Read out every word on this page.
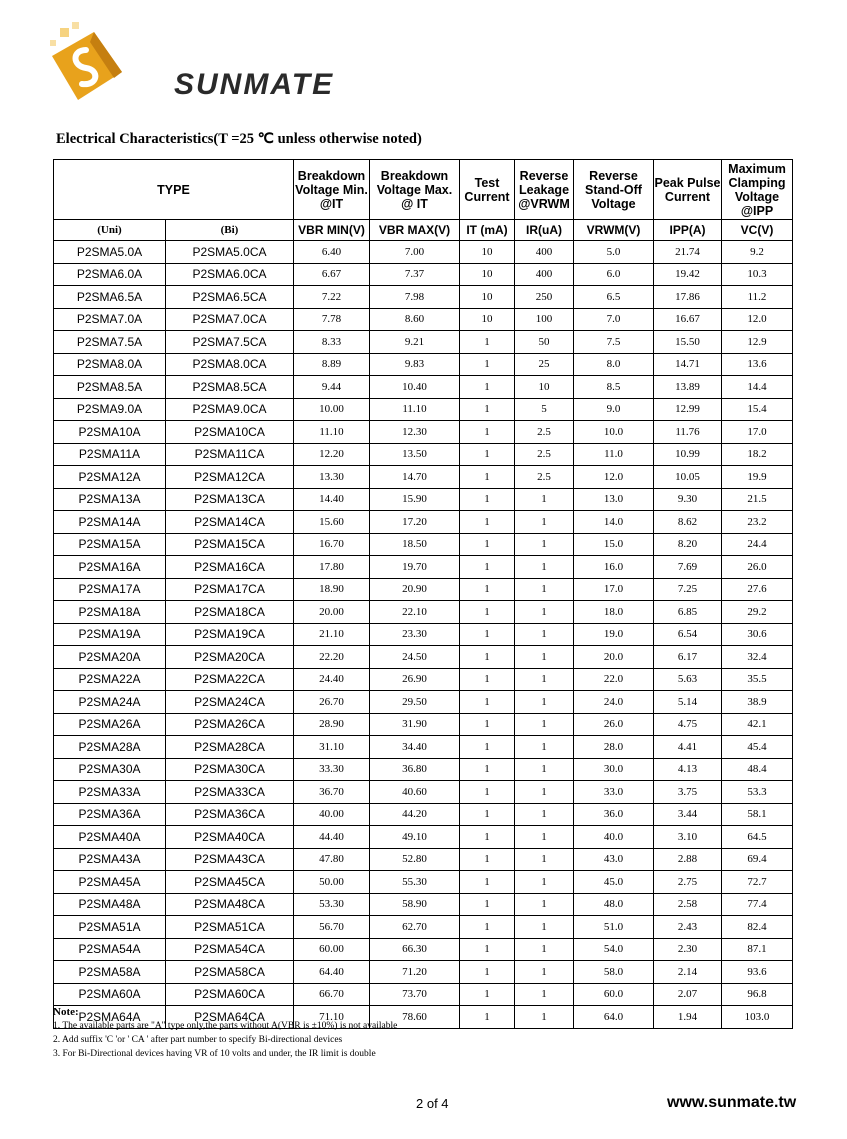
SUNMATE
Electrical Characteristics(T =25 ℃ unless otherwise noted)
TYPE		Breakdown Voltage Min. @IT	Breakdown Voltage Max. @ IT	Test Current	Reverse Leakage @VRWM	Reverse Stand-Off Voltage	Peak Pulse Current	Maximum Clamping Voltage @IPP
(Uni)	(Bi)	VBR MIN(V)	VBR MAX(V)	IT (mA)	IR(uA)	VRWM(V)	IPP(A)	VC(V)
P2SMA5.0A	P2SMA5.0CA	6.40	7.00	10	400	5.0	21.74	9.2
P2SMA6.0A	P2SMA6.0CA	6.67	7.37	10	400	6.0	19.42	10.3
P2SMA6.5A	P2SMA6.5CA	7.22	7.98	10	250	6.5	17.86	11.2
P2SMA7.0A	P2SMA7.0CA	7.78	8.60	10	100	7.0	16.67	12.0
P2SMA7.5A	P2SMA7.5CA	8.33	9.21	1	50	7.5	15.50	12.9
P2SMA8.0A	P2SMA8.0CA	8.89	9.83	1	25	8.0	14.71	13.6
P2SMA8.5A	P2SMA8.5CA	9.44	10.40	1	10	8.5	13.89	14.4
P2SMA9.0A	P2SMA9.0CA	10.00	11.10	1	5	9.0	12.99	15.4
P2SMA10A	P2SMA10CA	11.10	12.30	1	2.5	10.0	11.76	17.0
P2SMA11A	P2SMA11CA	12.20	13.50	1	2.5	11.0	10.99	18.2
P2SMA12A	P2SMA12CA	13.30	14.70	1	2.5	12.0	10.05	19.9
P2SMA13A	P2SMA13CA	14.40	15.90	1	1	13.0	9.30	21.5
P2SMA14A	P2SMA14CA	15.60	17.20	1	1	14.0	8.62	23.2
P2SMA15A	P2SMA15CA	16.70	18.50	1	1	15.0	8.20	24.4
P2SMA16A	P2SMA16CA	17.80	19.70	1	1	16.0	7.69	26.0
P2SMA17A	P2SMA17CA	18.90	20.90	1	1	17.0	7.25	27.6
P2SMA18A	P2SMA18CA	20.00	22.10	1	1	18.0	6.85	29.2
P2SMA19A	P2SMA19CA	21.10	23.30	1	1	19.0	6.54	30.6
P2SMA20A	P2SMA20CA	22.20	24.50	1	1	20.0	6.17	32.4
P2SMA22A	P2SMA22CA	24.40	26.90	1	1	22.0	5.63	35.5
P2SMA24A	P2SMA24CA	26.70	29.50	1	1	24.0	5.14	38.9
P2SMA26A	P2SMA26CA	28.90	31.90	1	1	26.0	4.75	42.1
P2SMA28A	P2SMA28CA	31.10	34.40	1	1	28.0	4.41	45.4
P2SMA30A	P2SMA30CA	33.30	36.80	1	1	30.0	4.13	48.4
P2SMA33A	P2SMA33CA	36.70	40.60	1	1	33.0	3.75	53.3
P2SMA36A	P2SMA36CA	40.00	44.20	1	1	36.0	3.44	58.1
P2SMA40A	P2SMA40CA	44.40	49.10	1	1	40.0	3.10	64.5
P2SMA43A	P2SMA43CA	47.80	52.80	1	1	43.0	2.88	69.4
P2SMA45A	P2SMA45CA	50.00	55.30	1	1	45.0	2.75	72.7
P2SMA48A	P2SMA48CA	53.30	58.90	1	1	48.0	2.58	77.4
P2SMA51A	P2SMA51CA	56.70	62.70	1	1	51.0	2.43	82.4
P2SMA54A	P2SMA54CA	60.00	66.30	1	1	54.0	2.30	87.1
P2SMA58A	P2SMA58CA	64.40	71.20	1	1	58.0	2.14	93.6
P2SMA60A	P2SMA60CA	66.70	73.70	1	1	60.0	2.07	96.8
P2SMA64A	P2SMA64CA	71.10	78.60	1	1	64.0	1.94	103.0
Note:
1. The available parts are "A" type only,the parts without A(VBR is ±10%) is not available
2. Add suffix 'C 'or ' CA ' after part number to specify Bi-directional devices
3. For Bi-Directional devices having VR of 10 volts and under, the IR limit is double
2 of 4	www.sunmate.tw
